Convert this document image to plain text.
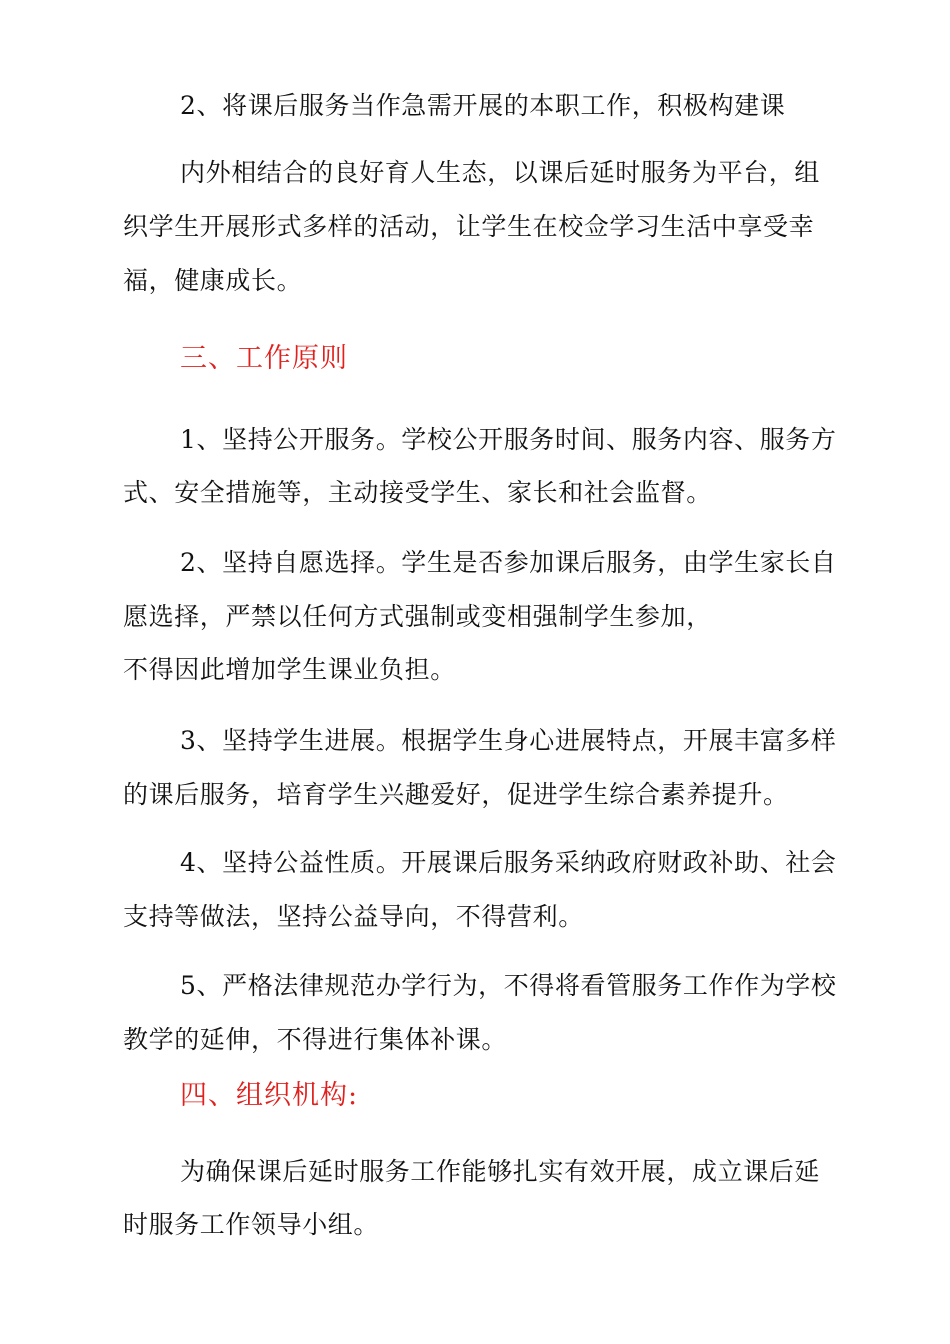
2、将课后服务当作急需开展的本职工作，积极构建课
内外相结合的良好育人生态，以课后延时服务为平台，组
织学生开展形式多样的活动，让学生在校佥学习生活中享受幸
福，健康成长。
三、工作原则
1、坚持公开服务。学校公开服务时间、服务内容、服务方
式、安全措施等，主动接受学生、家长和社会监督。
2、坚持自愿选择。学生是否参加课后服务，由学生家长自
愿选择，严禁以任何方式强制或变相强制学生参加，
不得因此增加学生课业负担。
3、坚持学生进展。根据学生身心进展特点，开展丰富多样
的课后服务，培育学生兴趣爱好，促进学生综合素养提升。
4、坚持公益性质。开展课后服务采纳政府财政补助、社会
支持等做法，坚持公益导向，不得营利。
5、严格法律规范办学行为，不得将看管服务工作作为学校
教学的延伸，不得进行集体补课。
四、组织机构:
为确保课后延时服务工作能够扎实有效开展，成立课后延
时服务工作领导小组。
